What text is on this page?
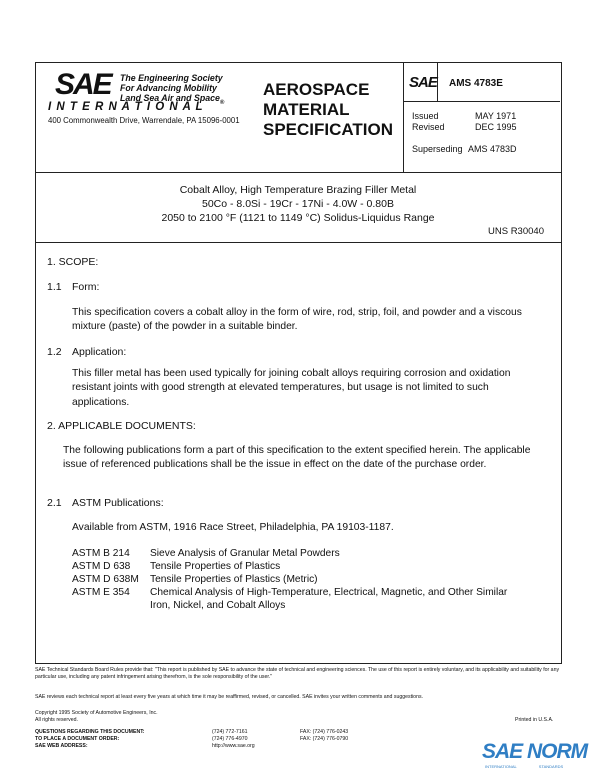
SAE The Engineering Society
For Advancing Mobility
Land Sea Air and Space$_®$
I N T E R N A T I O N A L
400 Commonwealth Drive, Warrendale, PA 15096-0001
AEROSPACE
MATERIAL
SPECIFICATION
SAE AMS 4783E
Issued	MAY 1971
Revised	DEC 1995
Superseding AMS 4783D
Cobalt Alloy, High Temperature Brazing Filler Metal
50Co - 8.0Si - 19Cr - 17Ni - 4.0W - 0.80B
2050 to 2100 °F (1121 to 1149 °C) Solidus-Liquidus Range
UNS R30040
1. SCOPE:
1.1 Form:
This specification covers a cobalt alloy in the form of wire, rod, strip, foil, and powder and a viscous mixture (paste) of the powder in a suitable binder.
1.2 Application:
This filler metal has been used typically for joining cobalt alloys requiring corrosion and oxidation resistant joints with good strength at elevated temperatures, but usage is not limited to such applications.
2. APPLICABLE DOCUMENTS:
The following publications form a part of this specification to the extent specified herein. The applicable issue of referenced publications shall be the issue in effect on the date of the purchase order.
2.1 ASTM Publications:
Available from ASTM, 1916 Race Street, Philadelphia, PA 19103-1187.
ASTM B 214 Sieve Analysis of Granular Metal Powders
ASTM D 638 Tensile Properties of Plastics
ASTM D 638M Tensile Properties of Plastics (Metric)
ASTM E 354 Chemical Analysis of High-Temperature, Electrical, Magnetic, and Other Similar
Iron, Nickel, and Cobalt Alloys
SAE Technical Standards Board Rules provide that: "This report is published by SAE to advance the state of technical and engineering sciences. The use of this report is entirely voluntary, and its applicability and suitability for any particular use, including any patent infringement arising therefrom, is the sole responsibility of the user."
SAE reviews each technical report at least every five years at which time it may be reaffirmed, revised, or cancelled. SAE invites your written comments and suggestions.
Copyright 1995 Society of Automotive Engineers, Inc.
All rights reserved.	Printed in U.S.A.
QUESTIONS REGARDING THIS DOCUMENT:	(724) 772-7161	FAX: (724) 776-0243
TO PLACE A DOCUMENT ORDER:	(724) 776-4970	FAX: (724) 776-0790
SAE WEB ADDRESS:	http://www.sae.org	SAE NORM
INTERNATIONAL                    STANDARDS
